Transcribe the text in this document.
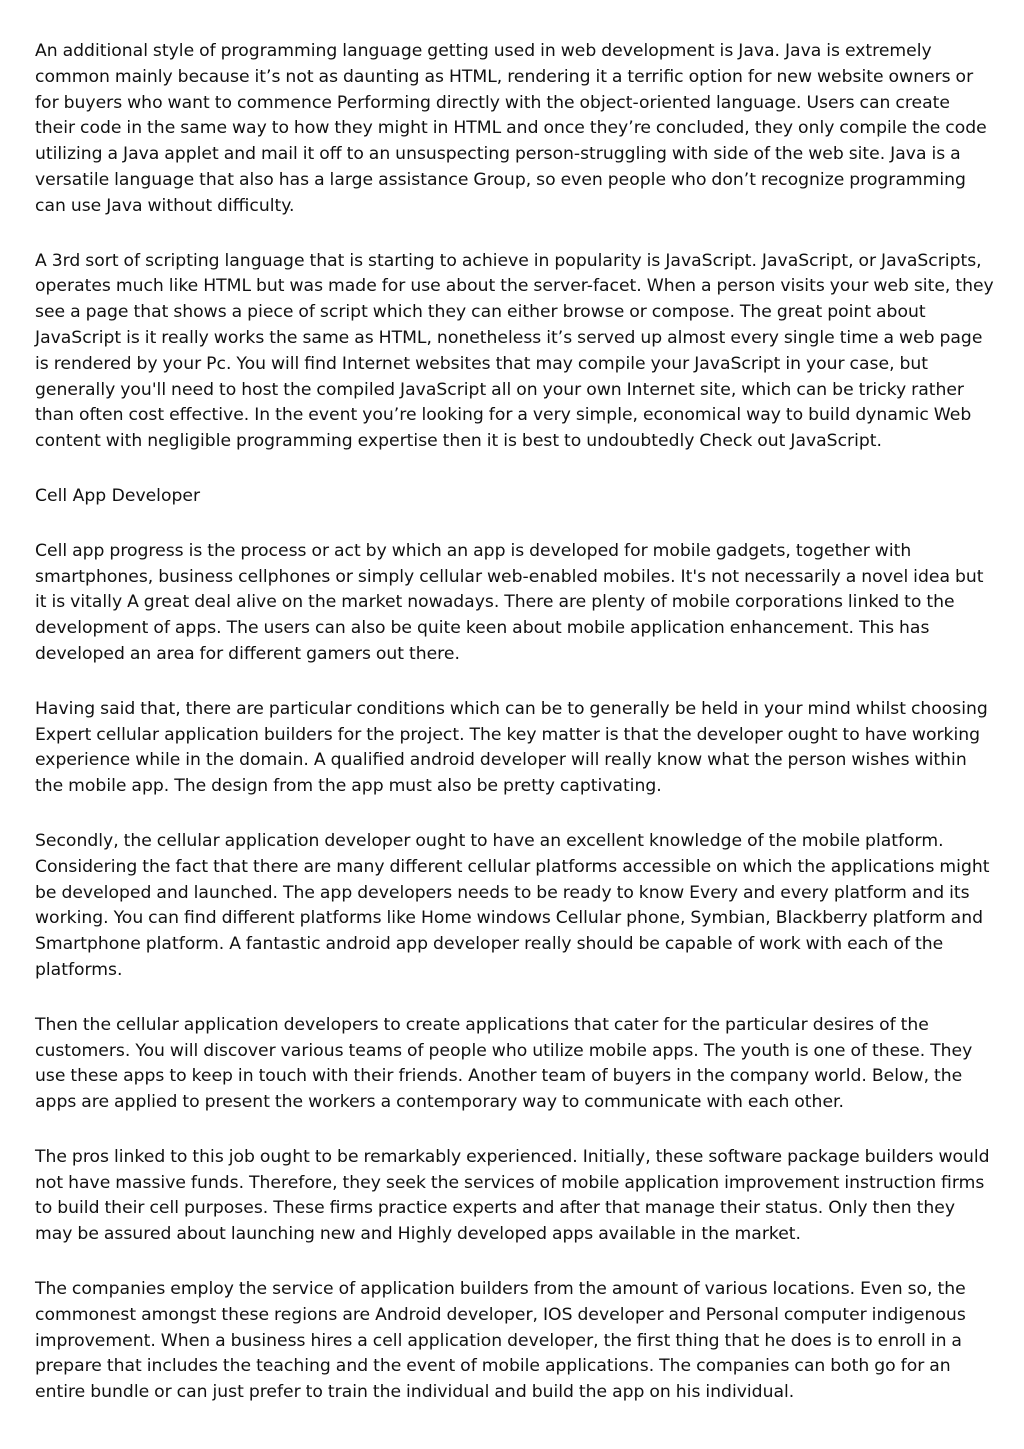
An additional style of programming language getting used in web development is Java. Java is extremely common mainly because it’s not as daunting as HTML, rendering it a terrific option for new website owners or for buyers who want to commence Performing directly with the object-oriented language. Users can create their code in the same way to how they might in HTML and once they’re concluded, they only compile the code utilizing a Java applet and mail it off to an unsuspecting person-struggling with side of the web site. Java is a versatile language that also has a large assistance Group, so even people who don’t recognize programming can use Java without difficulty.

A 3rd sort of scripting language that is starting to achieve in popularity is JavaScript. JavaScript, or JavaScripts, operates much like HTML but was made for use about the server-facet. When a person visits your web site, they see a page that shows a piece of script which they can either browse or compose. The great point about JavaScript is it really works the same as HTML, nonetheless it’s served up almost every single time a web page is rendered by your Pc. You will find Internet websites that may compile your JavaScript in your case, but generally you'll need to host the compiled JavaScript all on your own Internet site, which can be tricky rather than often cost effective. In the event you’re looking for a very simple, economical way to build dynamic Web content with negligible programming expertise then it is best to undoubtedly Check out JavaScript.

Cell App Developer

Cell app progress is the process or act by which an app is developed for mobile gadgets, together with smartphones, business cellphones or simply cellular web-enabled mobiles. It's not necessarily a novel idea but it is vitally A great deal alive on the market nowadays. There are plenty of mobile corporations linked to the development of apps. The users can also be quite keen about mobile application enhancement. This has developed an area for different gamers out there.

Having said that, there are particular conditions which can be to generally be held in your mind whilst choosing Expert cellular application builders for the project. The key matter is that the developer ought to have working experience while in the domain. A qualified android developer will really know what the person wishes within the mobile app. The design from the app must also be pretty captivating.

Secondly, the cellular application developer ought to have an excellent knowledge of the mobile platform. Considering the fact that there are many different cellular platforms accessible on which the applications might be developed and launched. The app developers needs to be ready to know Every and every platform and its working. You can find different platforms like Home windows Cellular phone, Symbian, Blackberry platform and Smartphone platform. A fantastic android app developer really should be capable of work with each of the platforms.

Then the cellular application developers to create applications that cater for the particular desires of the customers. You will discover various teams of people who utilize mobile apps. The youth is one of these. They use these apps to keep in touch with their friends. Another team of buyers in the company world. Below, the apps are applied to present the workers a contemporary way to communicate with each other.

The pros linked to this job ought to be remarkably experienced. Initially, these software package builders would not have massive funds. Therefore, they seek the services of mobile application improvement instruction firms to build their cell purposes. These firms practice experts and after that manage their status. Only then they may be assured about launching new and Highly developed apps available in the market.

The companies employ the service of application builders from the amount of various locations. Even so, the commonest amongst these regions are Android developer, IOS developer and Personal computer indigenous improvement. When a business hires a cell application developer, the first thing that he does is to enroll in a prepare that includes the teaching and the event of mobile applications. The companies can both go for an entire bundle or can just prefer to train the individual and build the app on his individual.
